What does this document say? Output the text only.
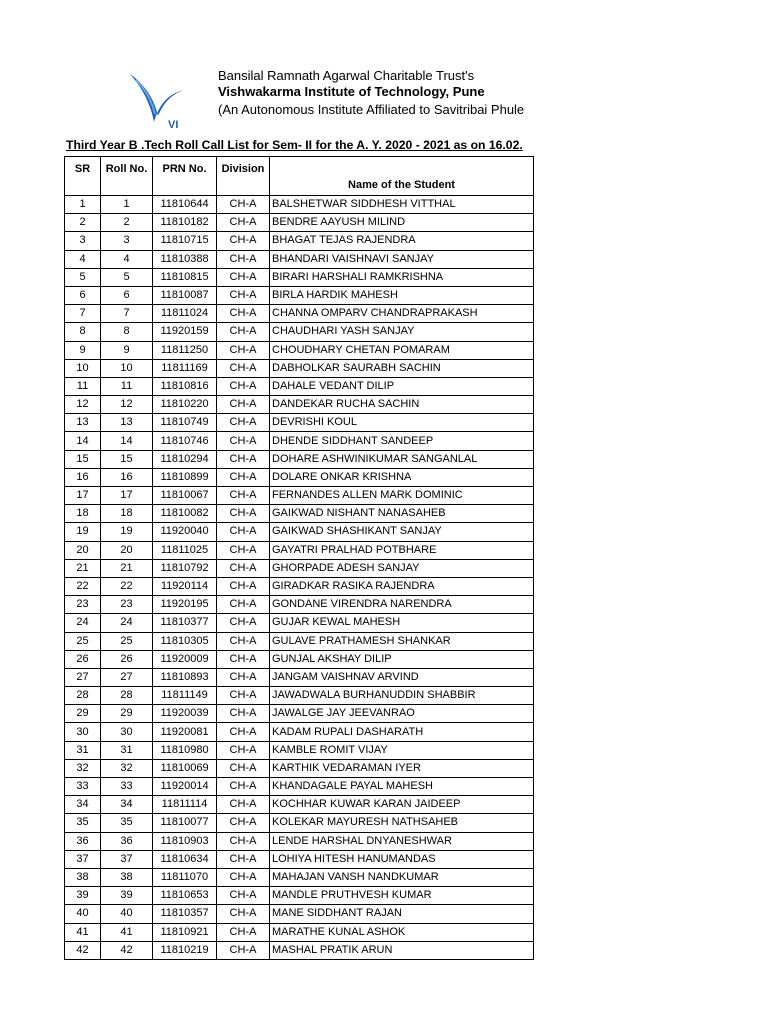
VI
Bansilal Ramnath Agarwal Charitable Trust's
Vishwakarma Institute of Technology, Pune
(An Autonomous Institute Affiliated to Savitribai Phule
Third Year B .Tech Roll Call List for Sem- II for the A. Y. 2020 - 2021 as on 16.02.
SR	Roll No.	PRN No.	Division	Name of the Student
1	1	11810644	CH-A	BALSHETWAR SIDDHESH VITTHAL
2	2	11810182	CH-A	BENDRE AAYUSH MILIND
3	3	11810715	CH-A	BHAGAT TEJAS RAJENDRA
4	4	11810388	CH-A	BHANDARI VAISHNAVI SANJAY
5	5	11810815	CH-A	BIRARI HARSHALI RAMKRISHNA
6	6	11810087	CH-A	BIRLA HARDIK MAHESH
7	7	11811024	CH-A	CHANNA OMPARV CHANDRAPRAKASH
8	8	11920159	CH-A	CHAUDHARI YASH SANJAY
9	9	11811250	CH-A	CHOUDHARY CHETAN POMARAM
10	10	11811169	CH-A	DABHOLKAR SAURABH SACHIN
11	11	11810816	CH-A	DAHALE VEDANT DILIP
12	12	11810220	CH-A	DANDEKAR RUCHA SACHIN
13	13	11810749	CH-A	DEVRISHI KOUL
14	14	11810746	CH-A	DHENDE SIDDHANT SANDEEP
15	15	11810294	CH-A	DOHARE ASHWINIKUMAR SANGANLAL
16	16	11810899	CH-A	DOLARE ONKAR KRISHNA
17	17	11810067	CH-A	FERNANDES ALLEN MARK DOMINIC
18	18	11810082	CH-A	GAIKWAD NISHANT NANASAHEB
19	19	11920040	CH-A	GAIKWAD SHASHIKANT SANJAY
20	20	11811025	CH-A	GAYATRI PRALHAD POTBHARE
21	21	11810792	CH-A	GHORPADE ADESH SANJAY
22	22	11920114	CH-A	GIRADKAR RASIKA RAJENDRA
23	23	11920195	CH-A	GONDANE VIRENDRA NARENDRA
24	24	11810377	CH-A	GUJAR KEWAL MAHESH
25	25	11810305	CH-A	GULAVE PRATHAMESH SHANKAR
26	26	11920009	CH-A	GUNJAL AKSHAY DILIP
27	27	11810893	CH-A	JANGAM VAISHNAV ARVIND
28	28	11811149	CH-A	JAWADWALA BURHANUDDIN SHABBIR
29	29	11920039	CH-A	JAWALGE JAY JEEVANRAO
30	30	11920081	CH-A	KADAM RUPALI DASHARATH
31	31	11810980	CH-A	KAMBLE ROMIT VIJAY
32	32	11810069	CH-A	KARTHIK VEDARAMAN IYER
33	33	11920014	CH-A	KHANDAGALE PAYAL MAHESH
34	34	11811114	CH-A	KOCHHAR KUWAR KARAN JAIDEEP
35	35	11810077	CH-A	KOLEKAR MAYURESH NATHSAHEB
36	36	11810903	CH-A	LENDE HARSHAL DNYANESHWAR
37	37	11810634	CH-A	LOHIYA HITESH HANUMANDAS
38	38	11811070	CH-A	MAHAJAN VANSH NANDKUMAR
39	39	11810653	CH-A	MANDLE PRUTHVESH KUMAR
40	40	11810357	CH-A	MANE SIDDHANT RAJAN
41	41	11810921	CH-A	MARATHE KUNAL ASHOK
42	42	11810219	CH-A	MASHAL PRATIK ARUN
